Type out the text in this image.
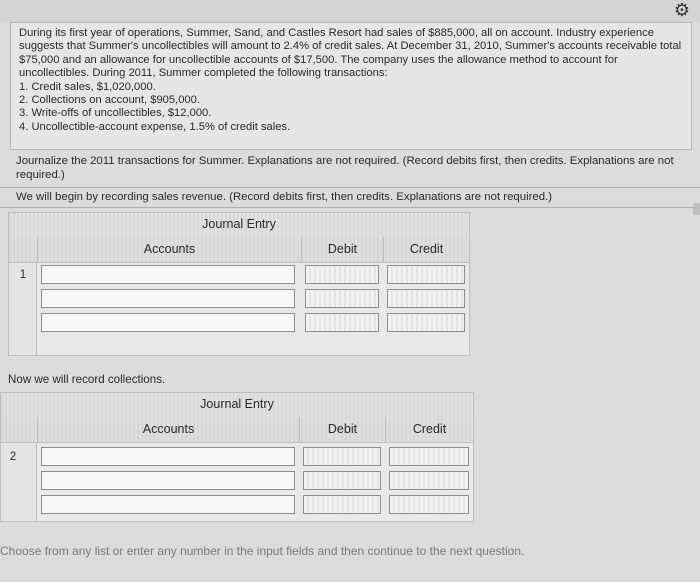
⚙

During its first year of operations, Summer, Sand, and Castles Resort had sales of $885,000, all on account. Industry experience suggests that Summer's uncollectibles will amount to 2.4% of credit sales. At December 31, 2010, Summer's accounts receivable total $75,000 and an allowance for uncollectible accounts of $17,500. The company uses the allowance method to account for uncollectibles. During 2011, Summer completed the following transactions:

1. Credit sales, $1,020,000.
2. Collections on account, $905,000.
3. Write-offs of uncollectibles, $12,000.
4. Uncollectible-account expense, 1.5% of credit sales.
Journalize the 2011 transactions for Summer. Explanations are not required. (Record debits first, then credits. Explanations are not required.)
We will begin by recording sales revenue. (Record debits first, then credits. Explanations are not required.)
Journal Entry
Accounts	Debit	Credit
1
Now we will record collections.
Journal Entry
Accounts	Debit	Credit
2
Choose from any list or enter any number in the input fields and then continue to the next question.
